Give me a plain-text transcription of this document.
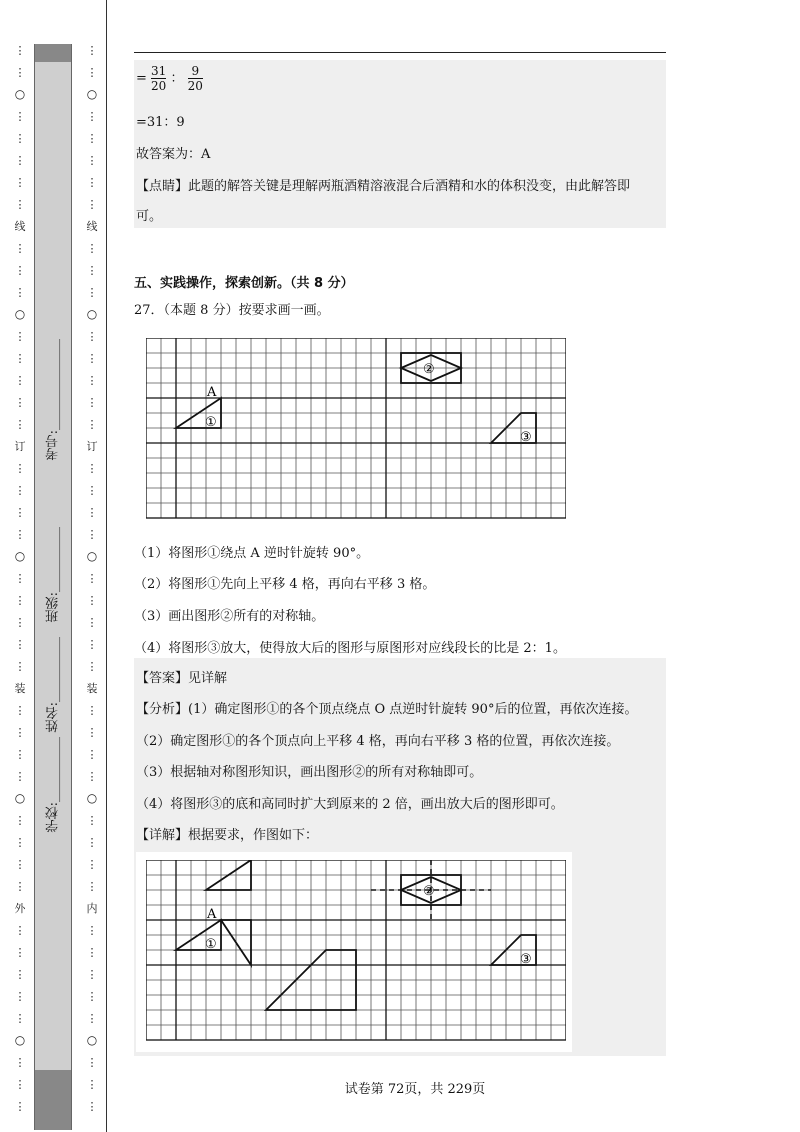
⋮
⋮
○
⋮
⋮
⋮
⋮
⋮
线
⋮
⋮
⋮
○
⋮
⋮
⋮
⋮
⋮
订
⋮
⋮
⋮
⋮
○
⋮
⋮
⋮
⋮
⋮
装
⋮
⋮
⋮
⋮
○
⋮
⋮
⋮
⋮
外
⋮
⋮
⋮
⋮
⋮
○
⋮
⋮
⋮
学校:__________
姓名:__________
班级:__________
考号:______________
⋮
⋮
○
⋮
⋮
⋮
⋮
⋮
线
⋮
⋮
⋮
○
⋮
⋮
⋮
⋮
⋮
订
⋮
⋮
⋮
⋮
○
⋮
⋮
⋮
⋮
⋮
装
⋮
⋮
⋮
⋮
○
⋮
⋮
⋮
⋮
内
⋮
⋮
⋮
⋮
⋮
○
⋮
⋮
⋮
= $\frac{31}{20}$ ： $\frac{9}{20}$
=31：9
故答案为：A
【点睛】此题的解答关键是理解两瓶酒精溶液混合后酒精和水的体积没变，由此解答即
可。
五、实践操作，探索创新。（共 8 分）
27．（本题 8 分）按要求画一画。
A
①
②
③
（1）将图形①绕点 A 逆时针旋转 90°。
（2）将图形①先向上平移 4 格，再向右平移 3 格。
（3）画出图形②所有的对称轴。
（4）将图形③放大，使得放大后的图形与原图形对应线段长的比是 2：1。
【答案】见详解
【分析】(1）确定图形①的各个顶点绕点 O 点逆时针旋转 90°后的位置，再依次连接。
（2）确定图形①的各个顶点向上平移 4 格，再向右平移 3 格的位置，再依次连接。
（3）根据轴对称图形知识，画出图形②的所有对称轴即可。
（4）将图形③的底和高同时扩大到原来的 2 倍，画出放大后的图形即可。
【详解】根据要求，作图如下：
A
①
②
③
试卷第 72页，共 229页
